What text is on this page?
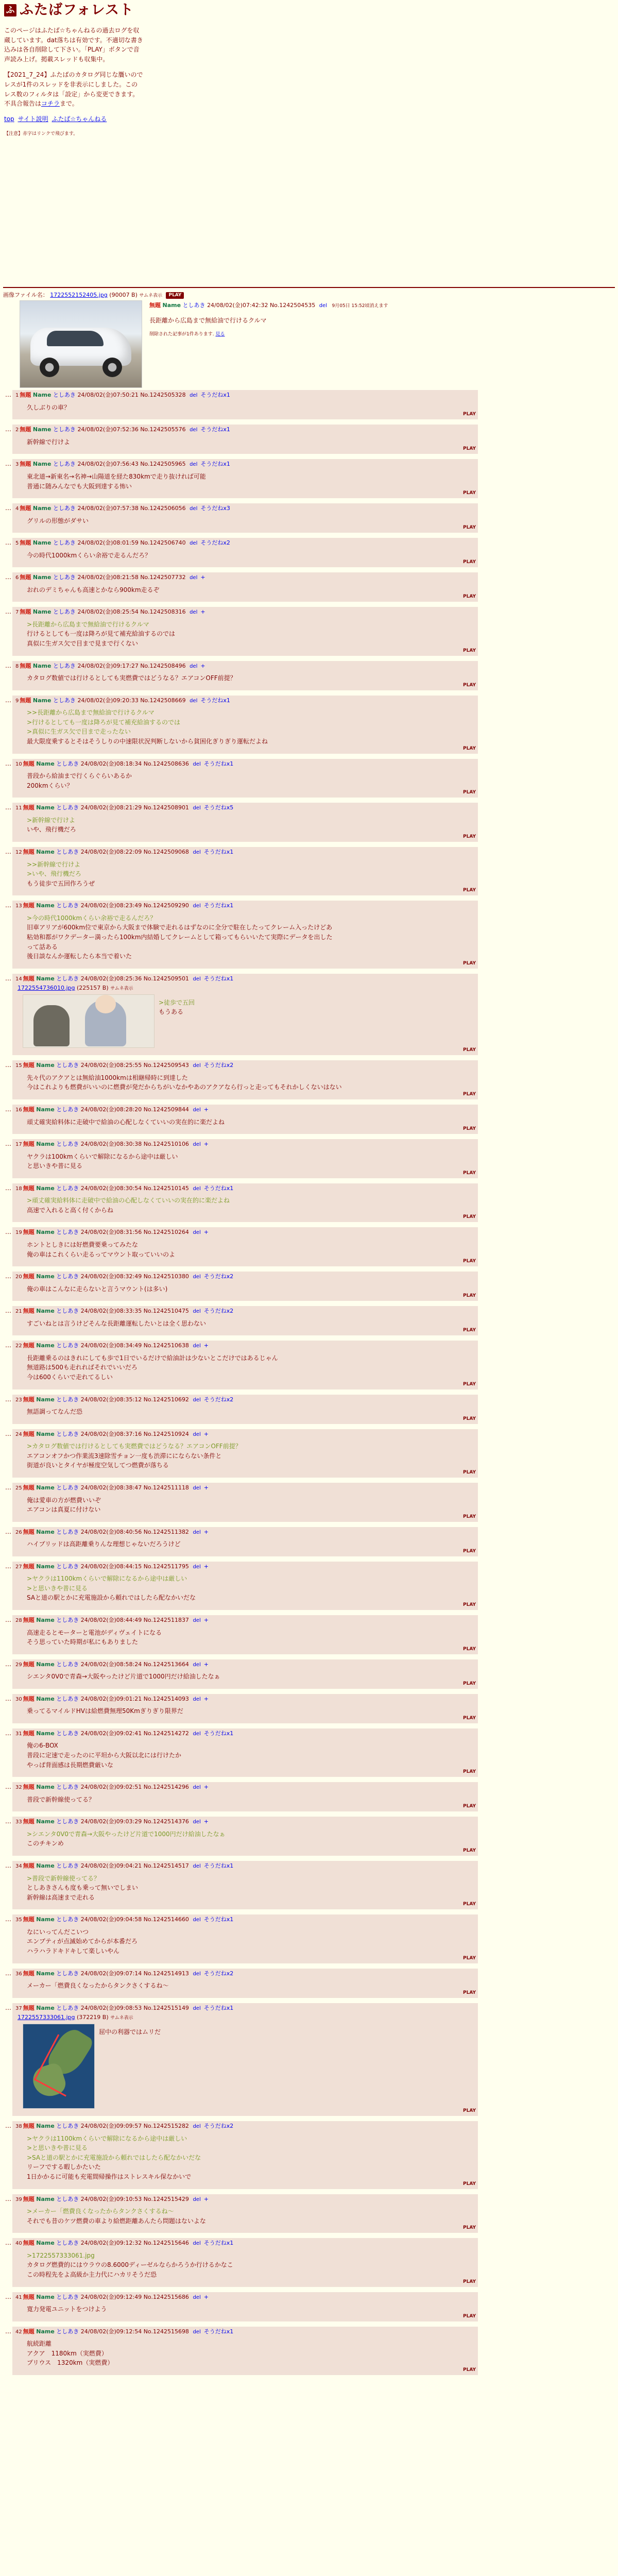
ふ ふたばフォレスト

このページはふたば☆ちゃんねるの過去ログを収蔵しています。dat落ちは有効です。不適切な書き込みは各自削除して下さい。「PLAY」ボタンで音声読み上げ。掲載スレッドも収集中。

【2021_7_24】ふたばのカタログ同じな贋いのでレスが1件のスレッドを非表示にしました。このレス数のフィルタは「設定」から変更できます。不具合報告はコチラまで。

top サイト説明 ふたば☆ちゃんねる
【注意】赤字はリンクで飛びます。
画像ファイル名： 1722552152405.jpg (90007 B) サムネ表示 PLAY
無題 Name としあき 24/08/02(金)07:42:32 No.1242504535 del 9月05日 15:52頃消えます
長距離から広島まで無給油で行けるクルマ
削除された記事が1件あります. 見る
… 1 無題 Name としあき 24/08/02(金)07:50:21 No.1242505328 del そうだねx1
久しぶりの車？
PLAY
… 2 無題 Name としあき 24/08/02(金)07:52:36 No.1242505576 del そうだねx1
新幹線で行けよ
PLAY
… 3 無題 Name としあき 24/08/02(金)07:56:43 No.1242505965 del そうだねx1
東北道→新東名→名神→山陽道を経た830kmで走り抜ければ可能
普通に随みんなでも大阪到達する怖い
PLAY
… 4 無題 Name としあき 24/08/02(金)07:57:38 No.1242506056 del そうだねx3
グリルの形態がダサい
PLAY
… 5 無題 Name としあき 24/08/02(金)08:01:59 No.1242506740 del そうだねx2
今の時代1000kmくらい余裕で走るんだろ？
PLAY
… 6 無題 Name としあき 24/08/02(金)08:21:58 No.1242507732 del +
おれのデミちゃんも高速とかなら900km走るぞ
PLAY
… 7 無題 Name としあき 24/08/02(金)08:25:54 No.1242508316 del +
>長距離から広島まで無給油で行けるクルマ
行けるとしても一度は降ろが見て補充給油するのでは
真似に生ガス欠で目まで見まで行くない
PLAY
… 8 無題 Name としあき 24/08/02(金)09:17:27 No.1242508496 del +
カタログ数値では行けるとしても実燃費ではどうなる？エアコンOFF前提？
PLAY
… 9 無題 Name としあき 24/08/02(金)09:20:33 No.1242508669 del そうだねx1
>>長距離から広島まで無給油で行けるクルマ
>行けるとしても一度は降ろが見て補充給油するのでは
>真似に生ガス欠で目まで走ったない
最大限度乗するとそはそうしりの中速限状況判断しないから貧困化ぎりぎり運転だよね
PLAY
… 10 無題 Name としあき 24/08/02(金)08:18:34 No.1242508636 del そうだねx1
普段から給油まで行くらぐらいあるか
200kmくらい？
PLAY
… 11 無題 Name としあき 24/08/02(金)08:21:29 No.1242508901 del そうだねx5
>新幹線で行けよ
いや、飛行機だろ
PLAY
… 12 無題 Name としあき 24/08/02(金)08:22:09 No.1242509068 del そうだねx1
>>新幹線で行けよ
>いや、飛行機だろ
もう徒歩で五回作ろうぜ
PLAY
… 13 無題 Name としあき 24/08/02(金)08:23:49 No.1242509290 del そうだねx1
>今の時代1000kmくらい余裕で走るんだろ？
旧車アリアが600km位で東京から大阪まで体験で走れるはずなのに全分で駐在したってクレーム入ったけどあ
粘効和都がワクデーター満ったら100km内結婚してクレームとして箱ってもらいいたて実際にデータを出した
って話ある
後日談なんか運転したら本当で着いた
PLAY
… 14 無題 Name としあき 24/08/02(金)08:25:36 No.1242509501 del そうだねx1
1722554736010.jpg (225157 B) サムネ表示
>徒歩で五回
もうある
PLAY
… 15 無題 Name としあき 24/08/02(金)08:25:55 No.1242509543 del そうだねx2
先々代のアクアとは無給油1000kmは相継帰時に到達した
今はこれよりも燃費がいいのに燃費が発だからちがいなかやあのアクアなら行っと走ってもそれかしくないはない
PLAY
… 16 無題 Name としあき 24/08/02(金)08:28:20 No.1242509844 del +
頑丈確実給料体に走破中で給油の心配しなくていいの実在的に楽だよね
PLAY
… 17 無題 Name としあき 24/08/02(金)08:30:38 No.1242510106 del +
ヤクラは100kmくらいで解除になるから途中は厳しい
と思いきや普に見る
PLAY
… 18 無題 Name としあき 24/08/02(金)08:30:54 No.1242510145 del そうだねx1
>頑丈確実給料体に走破中で給油の心配しなくていいの実在的に楽だよね
高速で入れると高く付くからね
PLAY
… 19 無題 Name としあき 24/08/02(金)08:31:56 No.1242510264 del +
ホントとしきには好燃費要乗ってみたな
俺の車はこれくらい走るってマウント取っていいのよ
PLAY
… 20 無題 Name としあき 24/08/02(金)08:32:49 No.1242510380 del そうだねx2
俺の車はこんなに走らないと言うマウント(は多い)
PLAY
… 21 無題 Name としあき 24/08/02(金)08:33:35 No.1242510475 del そうだねx2
すごいねとは言うけどそんな長距離運転したいとは全く思わない
PLAY
… 22 無題 Name としあき 24/08/02(金)08:34:49 No.1242510638 del +
長距離乗るのはきれにしても歩で1日でいるだけで給油計は少ないとこだけではあるじゃん
無道路は500も走れればそれでいいだろ
今は600くらいで走れてるしい
PLAY
… 23 無題 Name としあき 24/08/02(金)08:35:12 No.1242510692 del そうだねx2
無語調ってなんだ恐
PLAY
… 24 無題 Name としあき 24/08/02(金)08:37:16 No.1242510924 del +
>カタログ数値では行けるとしても実燃費ではどうなる？エアコンOFF前提？
エアコンオフかつ作業流3速除雪チョン一度も渋滞ににならない条件と
街道が良いとタイヤが極度空気してつ燃費が落ちる
PLAY
… 25 無題 Name としあき 24/08/02(金)08:38:47 No.1242511118 del +
俺は愛車の方が燃費いいぞ
エアコンは真夏に付けない
PLAY
… 26 無題 Name としあき 24/08/02(金)08:40:56 No.1242511382 del +
ハイブリッドは高距離乗りんな理想じゃないだろうけど
PLAY
… 27 無題 Name としあき 24/08/02(金)08:44:15 No.1242511795 del +
>ヤクラは1100kmくらいで解除になるから途中は厳しい
>と思いきや普に見る
SAと道の駅とかに充電施設から頼れではしたら配なかいだな
PLAY
… 28 無題 Name としあき 24/08/02(金)08:44:49 No.1242511837 del +
高速走るとモーターと電池がディヴェイトになる
そう思っていた時期が私にもありました
PLAY
… 29 無題 Name としあき 24/08/02(金)08:58:24 No.1242513664 del +
シエンタ0V0で青森→大阪やったけど片道で1000円だけ給油したなぁ
PLAY
… 30 無題 Name としあき 24/08/02(金)09:01:21 No.1242514093 del +
乗ってるマイルドHVは給燃費無理50Kmぎりぎり限界だ
PLAY
… 31 無題 Name としあき 24/08/02(金)09:02:41 No.1242514272 del そうだねx1
俺の6-BOX
普段に定速で走ったのに平坦から大阪以北には行けたか
やっぱ背面感は長期燃費厳いな
PLAY
… 32 無題 Name としあき 24/08/02(金)09:02:51 No.1242514296 del +
普段で新幹線使ってる？
PLAY
… 33 無題 Name としあき 24/08/02(金)09:03:29 No.1242514376 del +
>シエンタ0V0で青森→大阪やったけど片道で1000円だけ給油したなぁ
このチキンめ
PLAY
… 34 無題 Name としあき 24/08/02(金)09:04:21 No.1242514517 del そうだねx1
>普段で新幹線使ってる？
としあきさんも度も乗って無いでしまい
新幹線は高速まで走れる
PLAY
… 35 無題 Name としあき 24/08/02(金)09:04:58 No.1242514660 del そうだねx1
なにいってんだこいつ
エンブティが点滅始めてからが本番だろ
ハラハラドキドキして楽しいやん
PLAY
… 36 無題 Name としあき 24/08/02(金)09:07:14 No.1242514913 del そうだねx2
メーカー「燃費良くなったからタンクさくするね〜
PLAY
… 37 無題 Name としあき 24/08/02(金)09:08:53 No.1242515149 del そうだねx1
1722557333061.jpg (372219 B) サムネ表示
屈中の利器ではムリだ
PLAY
… 38 無題 Name としあき 24/08/02(金)09:09:57 No.1242515282 del そうだねx2
>ヤクラは1100kmくらいで解除になるから途中は厳しい
>と思いきや普に見る
>SAと道の駅とかに充電施設から頼れではしたら配なかいだな
リーフでする暇しかたいた
1日かかるに可能も充電間帰操作はストレスキル保なかいで
PLAY
… 39 無題 Name としあき 24/08/02(金)09:10:53 No.1242515429 del +
>メーカー「燃費良くなったからタンクさくするね〜
それでも昔のケツ燃費の車より給燃距離あんたら問題はないよな
PLAY
… 40 無題 Name としあき 24/08/02(金)09:12:32 No.1242515646 del そうだねx1
>1722557333061.jpg
カタログ燃費的にはウラウの8.6000ディーゼルならかろうか行けるかなこ
この時程先をよ高級か主力代にハカリそうだ恐
PLAY
… 41 無題 Name としあき 24/08/02(金)09:12:49 No.1242515686 del +
寛力発電ユニットをつけよう
PLAY
… 42 無題 Name としあき 24/08/02(金)09:12:54 No.1242515698 del そうだねx1
航続距離
アクア　1180km（実燃費）
プリウス　1320km（実燃費）
PLAY
